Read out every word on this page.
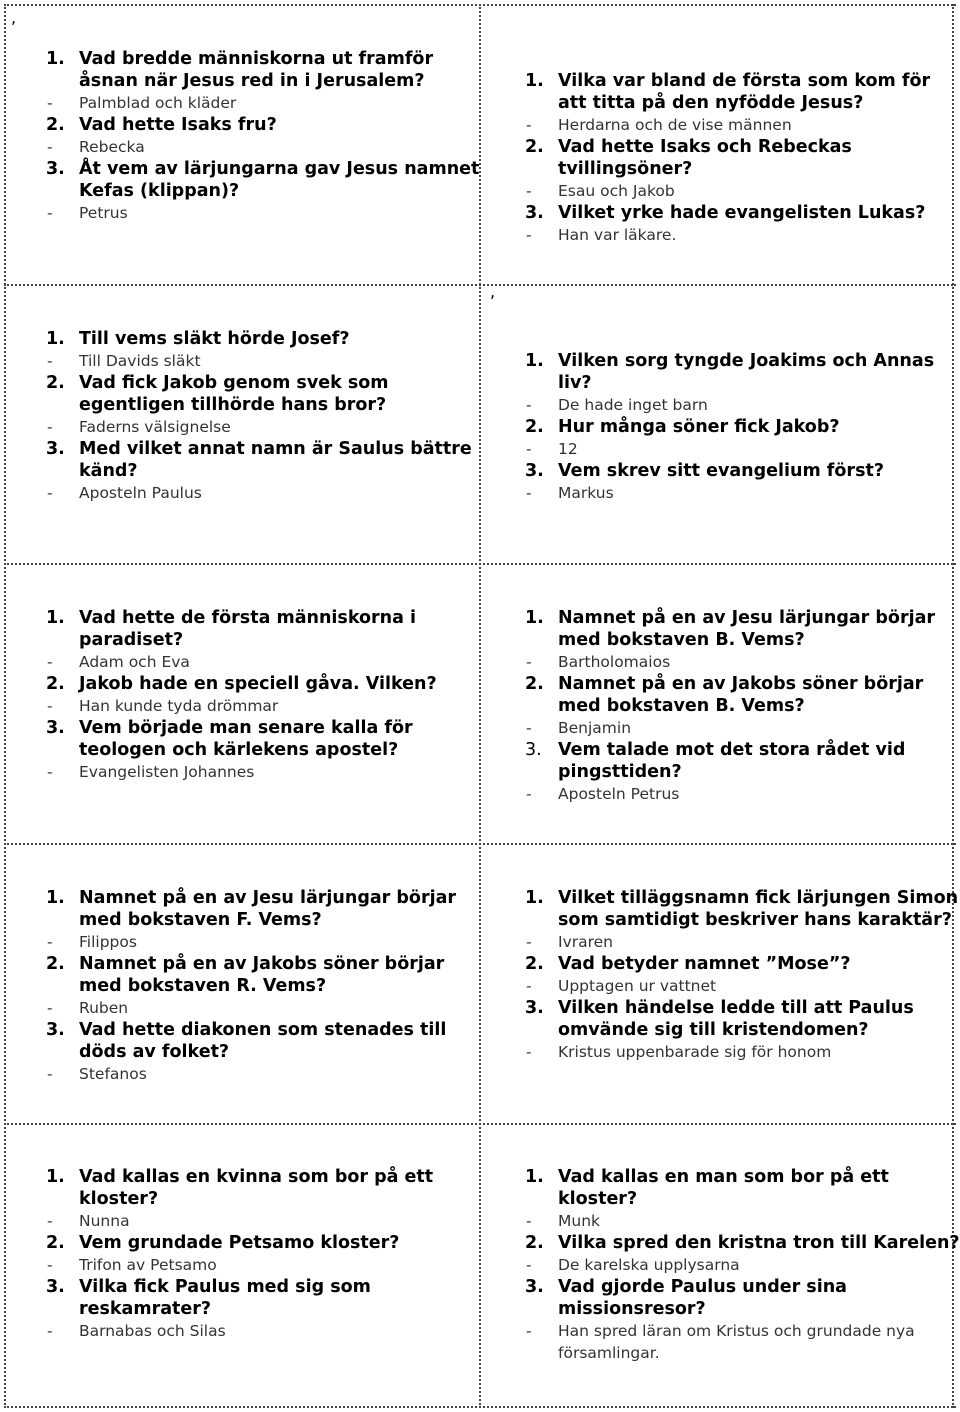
,
,
1. Vad bredde människorna ut framför åsnan när Jesus red in i Jerusalem?
-	Palmblad och kläder
2. Vad hette Isaks fru?
-	Rebecka
3. Åt vem av lärjungarna gav Jesus namnet Kefas (klippan)?
-	Petrus
1. Vilka var bland de första som kom för att titta på den nyfödde Jesus?
-	Herdarna och de vise männen
2. Vad hette Isaks och Rebeckas tvillingsöner?
-	Esau och Jakob
3. Vilket yrke hade evangelisten Lukas?
-	Han var läkare.
1. Till vems släkt hörde Josef?
-	Till Davids släkt
2. Vad fick Jakob genom svek som egentligen tillhörde hans bror?
-	Faderns välsignelse
3. Med vilket annat namn är Saulus bättre känd?
-	Aposteln Paulus
1. Vilken sorg tyngde Joakims och Annas liv?
-	De hade inget barn
2. Hur många söner fick Jakob?
-	12
3. Vem skrev sitt evangelium först?
-	Markus
1. Vad hette de första människorna i paradiset?
-	Adam och Eva
2. Jakob hade en speciell gåva. Vilken?
-	Han kunde tyda drömmar
3. Vem började man senare kalla för teologen och kärlekens apostel?
-	Evangelisten Johannes
1. Namnet på en av Jesu lärjungar börjar med bokstaven B. Vems?
-	Bartholomaios
2. Namnet på en av Jakobs söner börjar med bokstaven B. Vems?
-	Benjamin
3. Vem talade mot det stora rådet vid pingsttiden?
-	Aposteln Petrus
1. Namnet på en av Jesu lärjungar börjar med bokstaven F. Vems?
-	Filippos
2. Namnet på en av Jakobs söner börjar med bokstaven R. Vems?
-	Ruben
3. Vad hette diakonen som stenades till döds av folket?
-	Stefanos
1. Vilket tilläggsnamn fick lärjungen Simon som samtidigt beskriver hans karaktär?
-	Ivraren
2. Vad betyder namnet ”Mose”?
-	Upptagen ur vattnet
3. Vilken händelse ledde till att Paulus omvände sig till kristendomen?
-	Kristus uppenbarade sig för honom
1. Vad kallas en kvinna som bor på ett kloster?
-	Nunna
2. Vem grundade Petsamo kloster?
-	Trifon av Petsamo
3. Vilka fick Paulus med sig som reskamrater?
-	Barnabas och Silas
1. Vad kallas en man som bor på ett kloster?
-	Munk
2. Vilka spred den kristna tron till Karelen?
-	De karelska upplysarna
3. Vad gjorde Paulus under sina missionsresor?
-	Han spred läran om Kristus och grundade nya församlingar.
